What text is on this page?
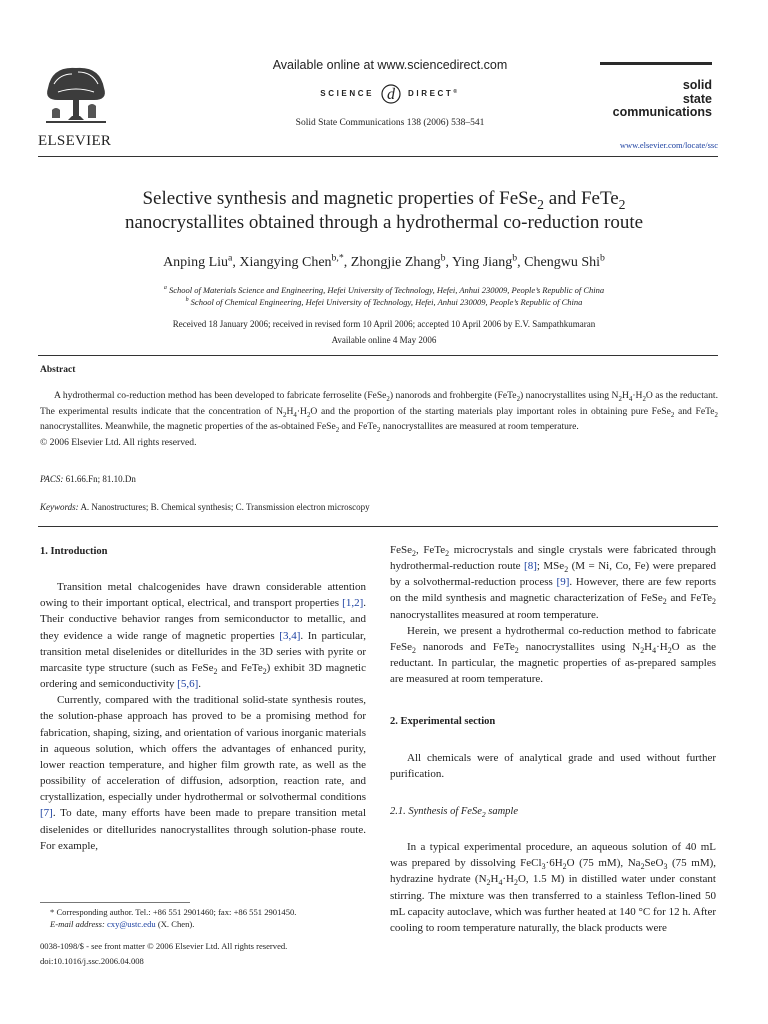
ELSEVIER
Available online at www.sciencedirect.com
SCIENCE d DIRECT®
Solid State Communications 138 (2006) 538–541
solid
state
communications
www.elsevier.com/locate/ssc
Selective synthesis and magnetic properties of FeSe$_2$ and FeTe$_2$
nanocrystallites obtained through a hydrothermal co-reduction route
Anping Liu$^a$, Xiangying Chen$^{b,*}$, Zhongjie Zhang$^b$, Ying Jiang$^b$, Chengwu Shi$^b$
$^a$ School of Materials Science and Engineering, Hefei University of Technology, Hefei, Anhui 230009, People’s Republic of China
$^b$ School of Chemical Engineering, Hefei University of Technology, Hefei, Anhui 230009, People’s Republic of China
Received 18 January 2006; received in revised form 10 April 2006; accepted 10 April 2006 by E.V. Sampathkumaran
Available online 4 May 2006
Abstract

A hydrothermal co-reduction method has been developed to fabricate ferroselite (FeSe$_2$) nanorods and frohbergite (FeTe$_2$) nanocrystallites using $N_2H_4\cdot H_2O$ as the reductant. The experimental results indicate that the concentration of $N_2H_4\cdot H_2O$ and the proportion of the starting materials play important roles in obtaining pure FeSe$_2$ and FeTe$_2$ nanocrystallites. Meanwhile, the magnetic properties of the as-obtained FeSe$_2$ and FeTe$_2$ nanocrystallites are measured at room temperature.

© 2006 Elsevier Ltd. All rights reserved.

PACS: 61.66.Fn; 81.10.Dn
Keywords: A. Nanostructures; B. Chemical synthesis; C. Transmission electron microscopy
1. Introduction

Transition metal chalcogenides have drawn considerable attention owing to their important optical, electrical, and transport properties [1,2]. Their conductive behavior ranges from semiconductor to metallic, and they evidence a wide range of magnetic properties [3,4]. In particular, transition metal diselenides or ditellurides in the 3D series with pyrite or marcasite type structure (such as FeSe$_2$ and FeTe$_2$) exhibit 3D magnetic ordering and semiconductivity [5,6].

Currently, compared with the traditional solid-state synthesis routes, the solution-phase approach has proved to be a promising method for fabrication, shaping, sizing, and orientation of various inorganic materials in aqueous solution, which offers the advantages of enhanced purity, lower reaction temperature, and higher film growth rate, as well as the possibility of acceleration of diffusion, adsorption, reaction rate, and crystallization, especially under hydrothermal or solvothermal conditions [7]. To date, many efforts have been made to prepare transition metal diselenides or ditellurides nanocrystallites through solution-phase route. For example,

* Corresponding author. Tel.: +86 551 2901460; fax: +86 551 2901450.
E-mail address: cxy@ustc.edu (X. Chen).
0038-1098/$ - see front matter © 2006 Elsevier Ltd. All rights reserved.
doi:10.1016/j.ssc.2006.04.008

FeSe$_2$, FeTe$_2$ microcrystals and single crystals were fabricated through hydrothermal-reduction route [8]; MSe$_2$ (M = Ni, Co, Fe) were prepared by a solvothermal-reduction process [9]. However, there are few reports on the mild synthesis and magnetic characterization of FeSe$_2$ and FeTe$_2$ nanocrystallites measured at room temperature.

Herein, we present a hydrothermal co-reduction method to fabricate FeSe$_2$ nanorods and FeTe$_2$ nanocrystallites using $N_2H_4\cdot H_2O$ as the reductant. In particular, the magnetic properties of as-prepared samples are measured at room temperature.

2. Experimental section

All chemicals were of analytical grade and used without further purification.

2.1. Synthesis of FeSe$_2$ sample

In a typical experimental procedure, an aqueous solution of 40 mL was prepared by dissolving $FeCl_3\cdot 6H_2O$ (75 mM), $Na_2SeO_3$ (75 mM), hydrazine hydrate ($N_2H_4\cdot H_2O$, 1.5 M) in distilled water under constant stirring. The mixture was then transferred to a stainless Teflon-lined 50 mL capacity autoclave, which was further heated at 140 °C for 12 h. After cooling to room temperature naturally, the black products were
